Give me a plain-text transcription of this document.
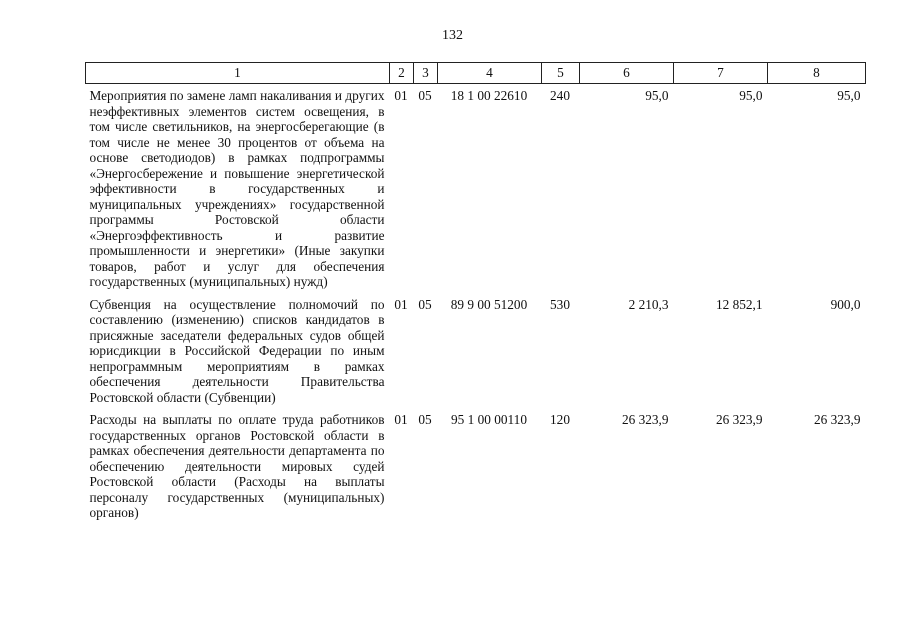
132
1	2	3	4	5	6	7	8
Мероприятия по замене ламп накаливания и других неэффективных элементов систем освещения, в том числе светильников, на энергосберегающие (в том числе не менее 30 процентов от объема на основе светодиодов) в рамках подпрограммы «Энергосбережение и повышение энергетической эффективности в государственных и муниципальных учреждениях» государственной программы Ростовской области «Энергоэффективность и развитие промышленности и энергетики» (Иные закупки товаров, работ и услуг для обеспечения государственных (муниципальных) нужд)	01	05	18 1 00 22610	240	95,0	95,0	95,0
Субвенция на осуществление полномочий по составлению (изменению) списков кандидатов в присяжные заседатели федеральных судов общей юрисдикции в Российской Федерации по иным непрограммным мероприятиям в рамках обеспечения деятельности Правительства Ростовской области (Субвенции)	01	05	89 9 00 51200	530	2 210,3	12 852,1	900,0
Расходы на выплаты по оплате труда работников государственных органов Ростовской области в рамках обеспечения деятельности департамента по обеспечению деятельности мировых судей Ростовской области (Расходы на выплаты персоналу государственных (муниципальных) органов)	01	05	95 1 00 00110	120	26 323,9	26 323,9	26 323,9
